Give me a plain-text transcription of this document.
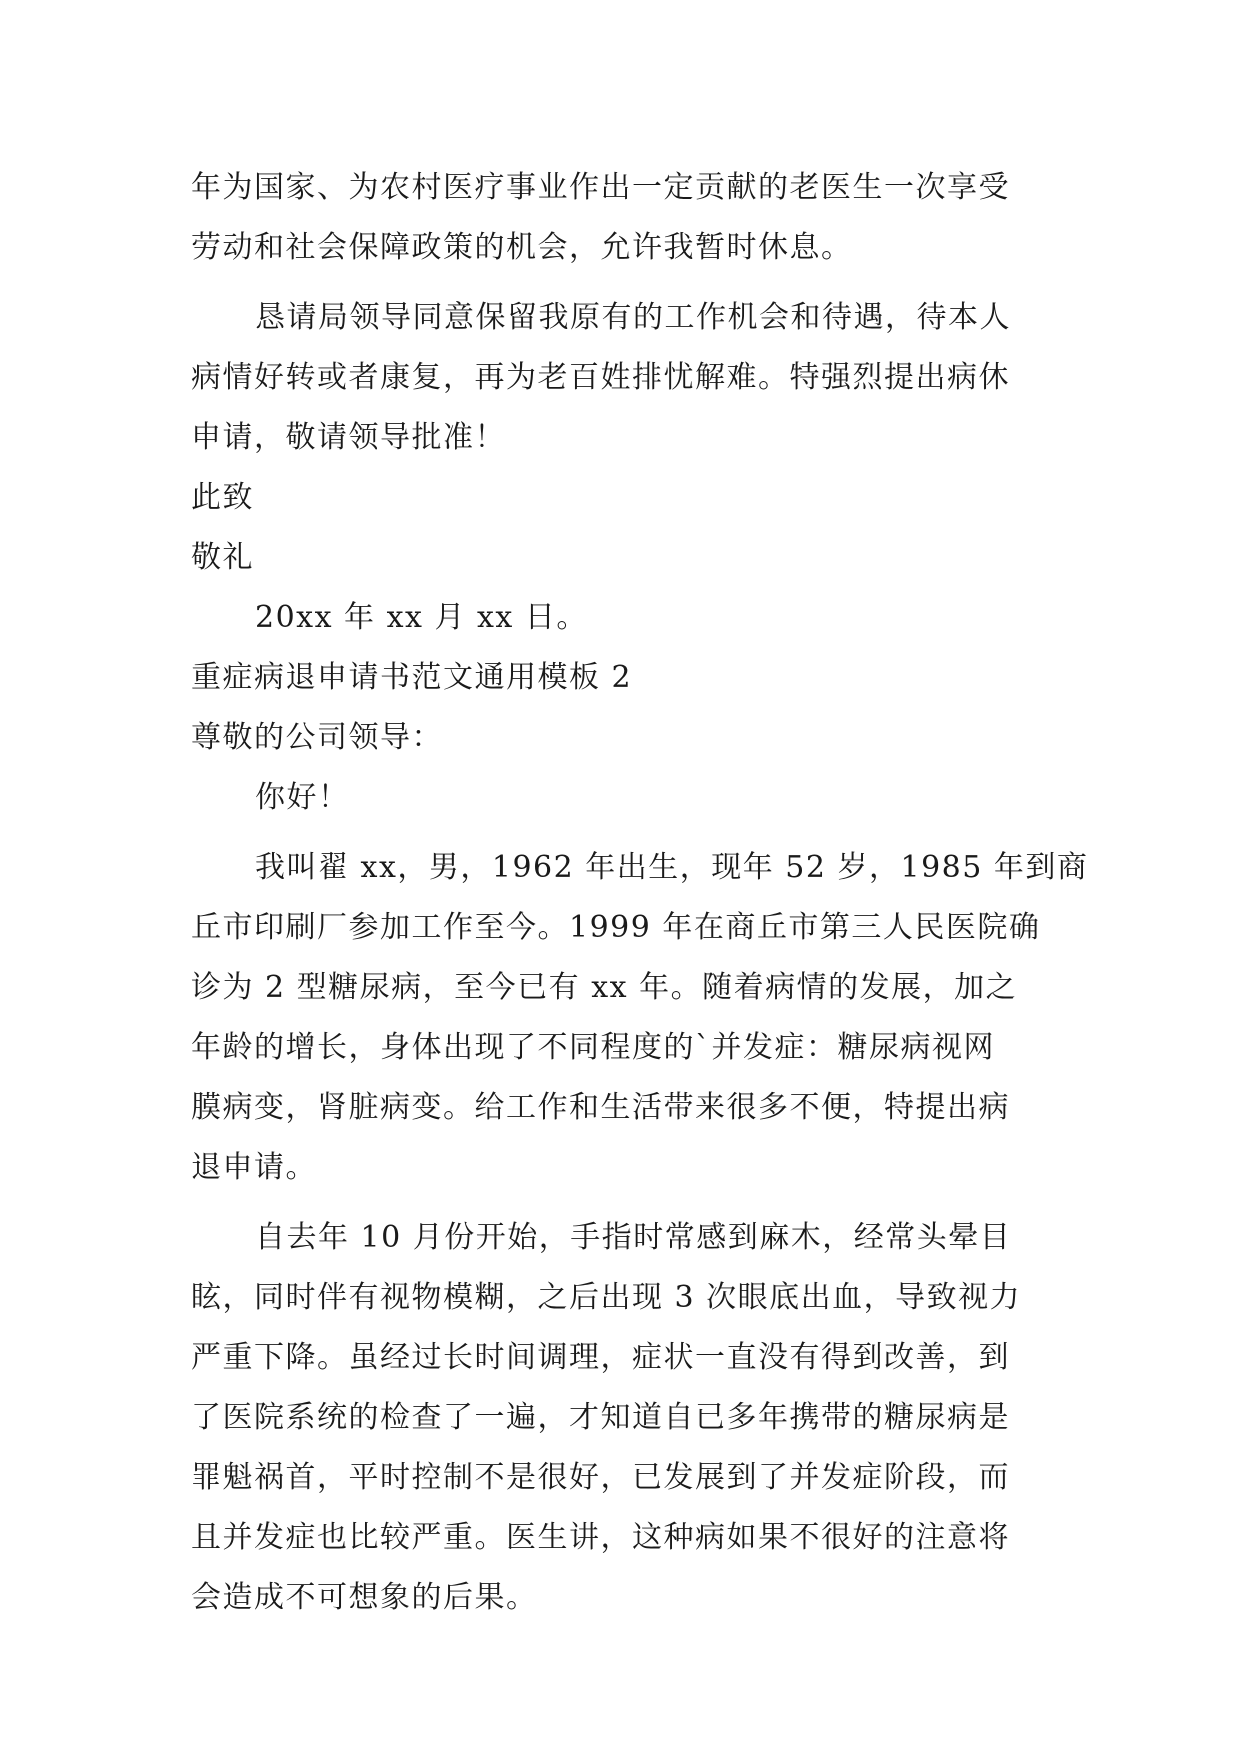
年为国家、为农村医疗事业作出一定贡献的老医生一次享受

劳动和社会保障政策的机会，允许我暂时休息。

恳请局领导同意保留我原有的工作机会和待遇，待本人

病情好转或者康复，再为老百姓排忧解难。特强烈提出病休

申请，敬请领导批准！

此致

敬礼

20xx 年 xx 月 xx 日。

重症病退申请书范文通用模板 2

尊敬的公司领导：

你好！

我叫翟 xx，男，1962 年出生，现年 52 岁，1985 年到商

丘市印刷厂参加工作至今。1999 年在商丘市第三人民医院确

诊为 2 型糖尿病，至今已有 xx 年。随着病情的发展，加之

年龄的增长，身体出现了不同程度的`并发症：糖尿病视网

膜病变，肾脏病变。给工作和生活带来很多不便，特提出病

退申请。

自去年 10 月份开始，手指时常感到麻木，经常头晕目

眩，同时伴有视物模糊，之后出现 3 次眼底出血，导致视力

严重下降。虽经过长时间调理，症状一直没有得到改善，到

了医院系统的检查了一遍，才知道自已多年携带的糖尿病是

罪魁祸首，平时控制不是很好，已发展到了并发症阶段，而

且并发症也比较严重。医生讲，这种病如果不很好的注意将

会造成不可想象的后果。
